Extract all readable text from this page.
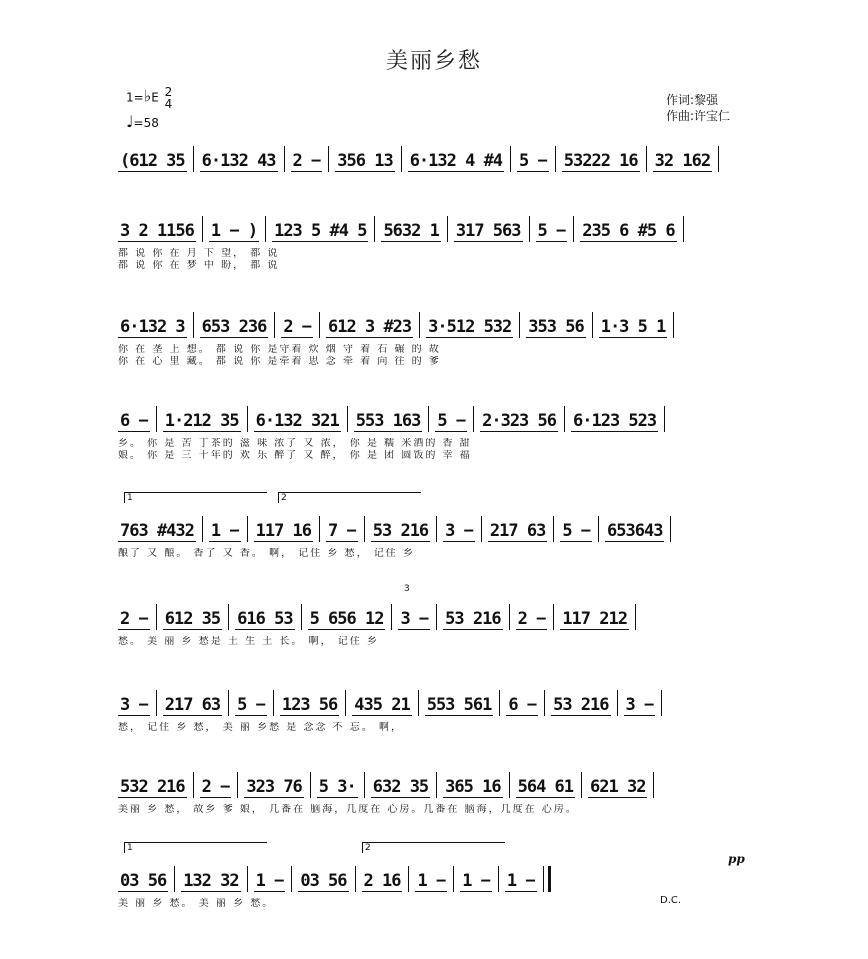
美丽乡愁
1=♭E 2
4
♩=58
作词:黎强
作曲:许宝仁
(612 35 6·132 43 2 − 356 13 6·132 4 #4 5 − 53222 16 32 162
3 2 1156 1 − ) 123 5 #4 5 5632 1 317 563 5 − 235 6 #5 6
都 说 你 在 月 下 望， 都 说
都 说 你 在 梦 中 盼， 都 说
6·132 3 653 236 2 − 612 3 #23 3·512 532 353 56 1·3 5 1
你 在 垄 上 想。 都 说 你 是守着 炊 烟 守 着 石 碾 的 故
你 在 心 里 藏。 都 说 你 是牵着 思 念 牵 着 向 往 的 爹
6 − 1·212 35 6·132 321 553 163 5 − 2·323 56 6·123 523
乡。 你 是 苦 丁茶的 滋 味 浓了 又 浓， 你 是 糯 米酒的 香 甜
娘。 你 是 三 十年的 欢 乐 醉了 又 醉， 你 是 团 圆饭的 幸 福
763 #432 1 − 117 16 7 − 53 216 3 − 217 63 5 − 653643
1	2
酿了 又 酿。 香了 又 香。 啊， 记住 乡 愁， 记住 乡
2 − 612 35 616 53 5 656 12 3 − 53 216 2 − 117 212
3
愁。 美 丽 乡 愁是 土 生 土 长。 啊， 记住 乡
3 − 217 63 5 − 123 56 435 21 553 561 6 − 53 216 3 −
愁， 记住 乡 愁， 美 丽 乡愁 是 念念 不 忘。 啊，
532 216 2 − 323 76 5 3· 632 35 365 16 564 61 621 32
美丽 乡 愁， 故乡 爹 娘， 几番在 脑海，几度在 心房。几番在 脑海，几度在 心房。
03 56 132 32 1 − 03 56 2 16 1 − 1 − 1 −
1	2
美 丽 乡 愁。 美 丽 乡 愁。
pp
D.C.
